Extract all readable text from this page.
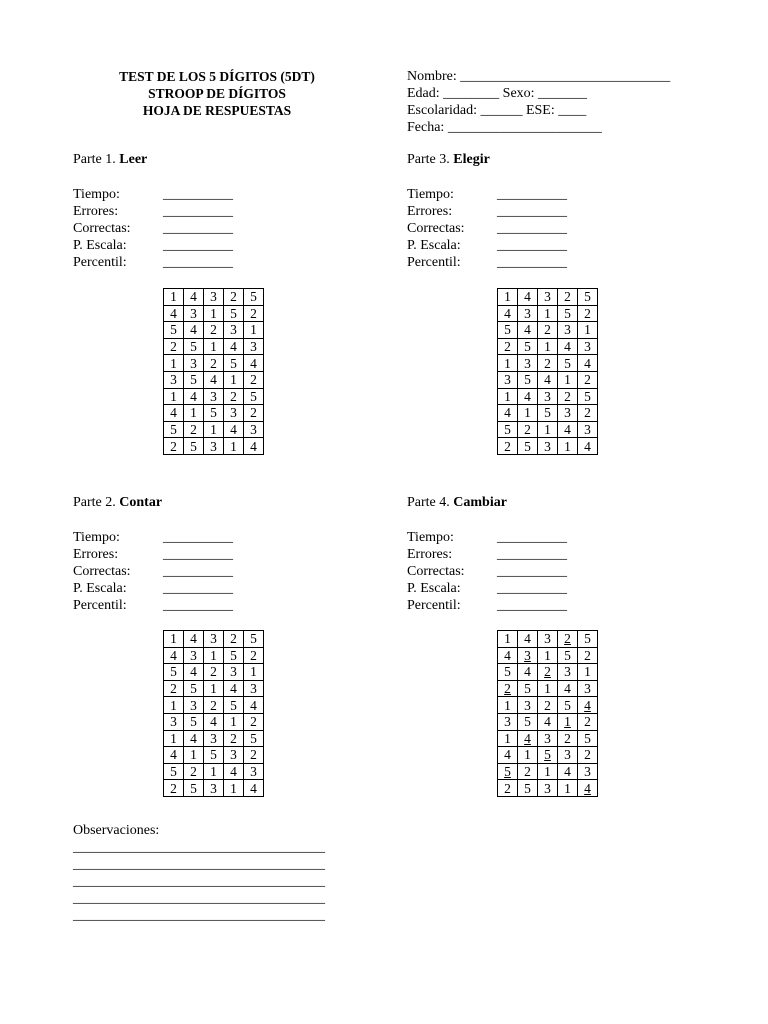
TEST DE LOS 5 DÍGITOS (5DT)
STROOP DE DÍGITOS
HOJA DE RESPUESTAS
Nombre: ______________________________
Edad: ________ Sexo: _______
Escolaridad: ______ ESE: ____
Fecha: ______________________
Parte 1. Leer
Tiempo:	__________
Errores:	__________
Correctas:	__________
P. Escala:	__________
Percentil:	__________
1	4	3	2	5
4	3	1	5	2
5	4	2	3	1
2	5	1	4	3
1	3	2	5	4
3	5	4	1	2
1	4	3	2	5
4	1	5	3	2
5	2	1	4	3
2	5	3	1	4
Parte 3. Elegir
Tiempo:	__________
Errores:	__________
Correctas:	__________
P. Escala:	__________
Percentil:	__________
1	4	3	2	5
4	3	1	5	2
5	4	2	3	1
2	5	1	4	3
1	3	2	5	4
3	5	4	1	2
1	4	3	2	5
4	1	5	3	2
5	2	1	4	3
2	5	3	1	4
Parte 2. Contar
Tiempo:	__________
Errores:	__________
Correctas:	__________
P. Escala:	__________
Percentil:	__________
1	4	3	2	5
4	3	1	5	2
5	4	2	3	1
2	5	1	4	3
1	3	2	5	4
3	5	4	1	2
1	4	3	2	5
4	1	5	3	2
5	2	1	4	3
2	5	3	1	4
Parte 4. Cambiar
Tiempo:	__________
Errores:	__________
Correctas:	__________
P. Escala:	__________
Percentil:	__________
1	4	3	2	5
4	3	1	5	2
5	4	2	3	1
2	5	1	4	3
1	3	2	5	4
3	5	4	1	2
1	4	3	2	5
4	1	5	3	2
5	2	1	4	3
2	5	3	1	4
Observaciones:
____________________________________
____________________________________
____________________________________
____________________________________
____________________________________
